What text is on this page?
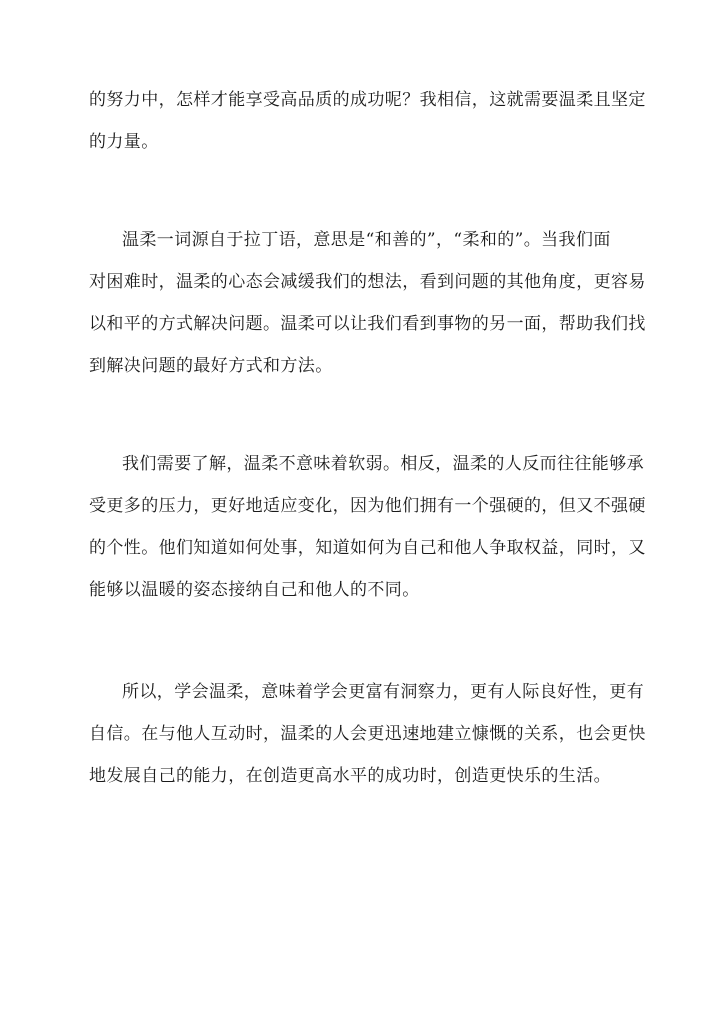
的努力中，怎样才能享受高品质的成功呢？我相信，这就需要温柔且坚定
的力量。
温柔一词源自于拉丁语，意思是“和善的”，“柔和的”。当我们面
对困难时，温柔的心态会减缓我们的想法，看到问题的其他角度，更容易
以和平的方式解决问题。温柔可以让我们看到事物的另一面，帮助我们找
到解决问题的最好方式和方法。
我们需要了解，温柔不意味着软弱。相反，温柔的人反而往往能够承
受更多的压力，更好地适应变化，因为他们拥有一个强硬的，但又不强硬
的个性。他们知道如何处事，知道如何为自己和他人争取权益，同时，又
能够以温暖的姿态接纳自己和他人的不同。
所以，学会温柔，意味着学会更富有洞察力，更有人际良好性，更有
自信。在与他人互动时，温柔的人会更迅速地建立慷慨的关系，也会更快
地发展自己的能力，在创造更高水平的成功时，创造更快乐的生活。
